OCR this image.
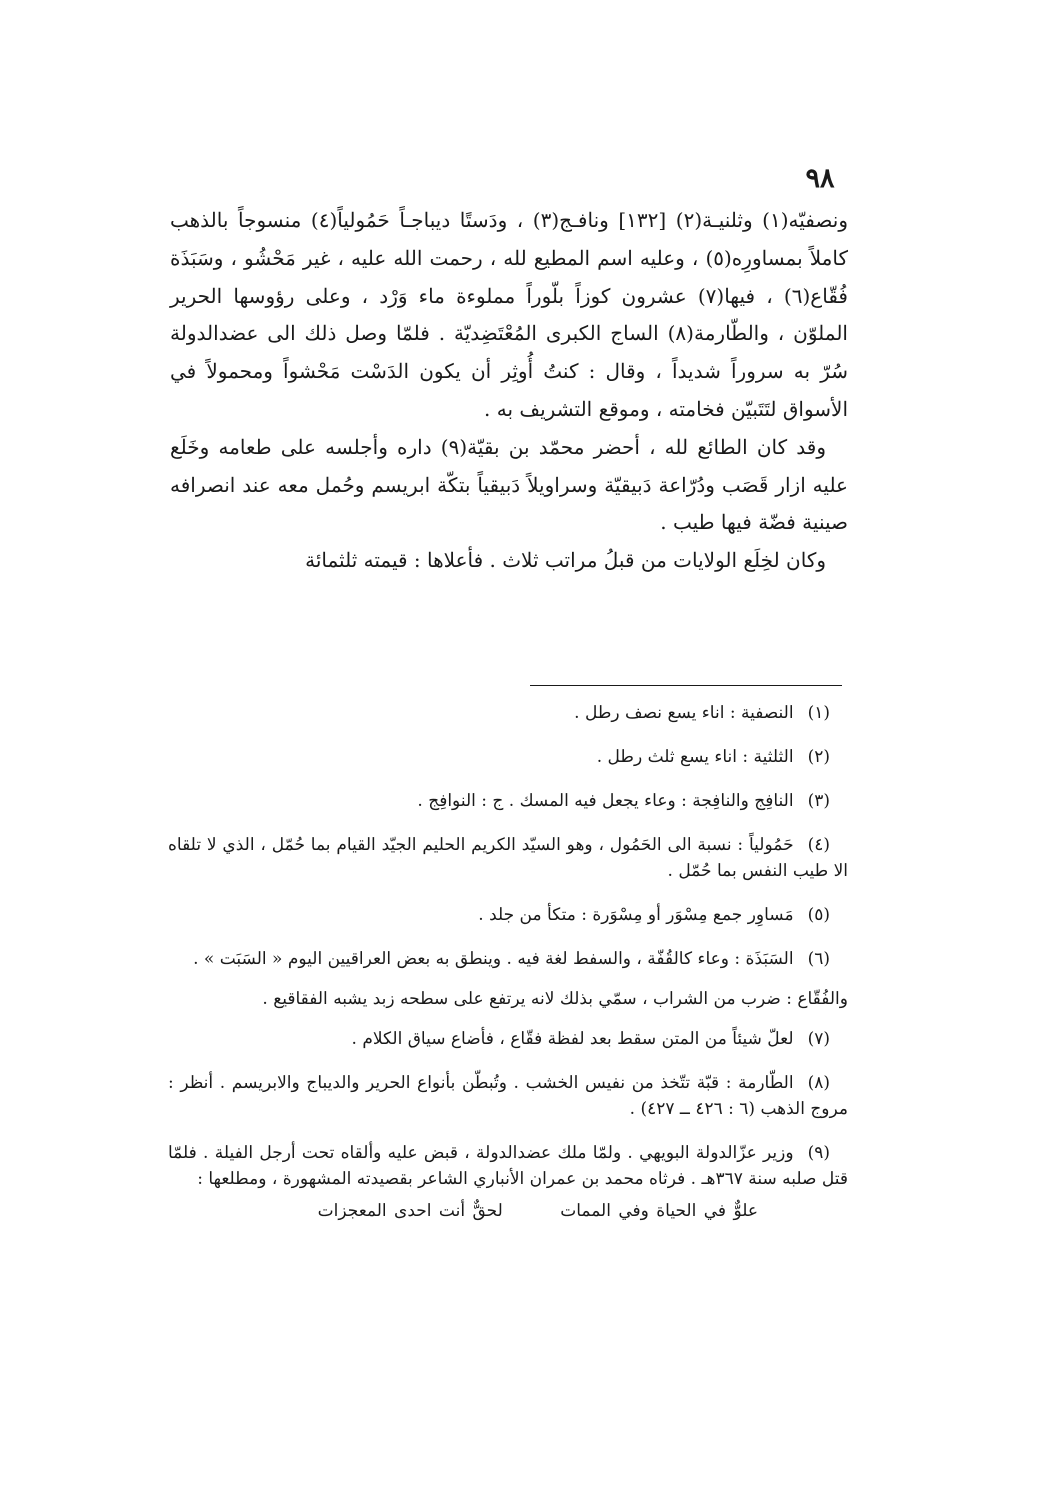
٩٨

ونصفيّه(١) وثلنيـة(٢) [١٣٢] ونافـج(٣) ، ودَستًا ديباجـاً حَمُولياً(٤) منسوجاً بالذهب كاملاً بمساورِه(٥) ، وعليه اسم المطيع لله ، رحمت الله عليه ، غير مَحْشُو ، وسَبَذَة فُقّاع(٦) ، فيها(٧) عشرون كوزاً بلّوراً مملوءة ماء وَرْد ، وعلى رؤوسها الحرير الملوّن ، والطّارمة(٨) الساج الكبرى المُعْتَضِديّة . فلمّا وصل ذلك الى عضدالدولة سُرّ به سروراً شديداً ، وقال : كنتُ أُوثِر أن يكون الدَسْت مَحْشواً ومحمولاً في الأسواق لتَتَبيّن فخامته ، وموقع التشريف به .

وقد كان الطائع لله ، أحضر محمّد بن بقيّة(٩) داره وأجلسه على طعامه وخَلَع عليه ازار قَصَب ودُرّاعة دَبيقيّة وسراويلاً دَبيقياً بتكّة ابريسم وحُمل معه عند انصرافه صينية فضّة فيها طيب .

وكان لخِلَع الولايات من قبلُ مراتب ثلاث . فأعلاها : قيمته ثلثمائة

(١)النصفية : اناء يسع نصف رطل .

(٢)الثلثية : اناء يسع ثلث رطل .

(٣)النافِج والنافِجة : وعاء يجعل فيه المسك . ج : النوافِج .

(٤)حَمُولياً : نسبة الى الحَمُول ، وهو السيّد الكريم الحليم الجيّد القيام بما حُمّل ، الذي لا تلقاه الا طيب النفس بما حُمّل .

(٥)مَساوِر جمع مِسْوَر أو مِسْوَرة : متكأ من جلد .

(٦)السَبَذَة : وعاء كالقُفّة ، والسفط لغة فيه . وينطق به بعض العراقيين اليوم « السَبَت » .

والفُقّاع : ضرب من الشراب ، سمّي بذلك لانه يرتفع على سطحه زبد يشبه الفقاقيع .

(٧)لعلّ شيئاً من المتن سقط بعد لفظة فقّاع ، فأضاع سياق الكلام .

(٨)الطّارمة : قبّة تتّخذ من نفيس الخشب . وتُبطّن بأنواع الحرير والديباج والابريسم . أنظر : مروج الذهب (٦ : ٤٢٦ ــ ٤٢٧) .

(٩)وزير عزّالدولة البويهي . ولمّا ملك عضدالدولة ، قبض عليه وألقاه تحت أرجل الفيلة . فلمّا قتل صلبه سنة ٣٦٧هـ . فرثاه محمد بن عمران الأنباري الشاعر بقصيدته المشهورة ، ومطلعها :

علوٌّ في الحياة وفي الممات لحقٌّ أنت احدى المعجزات
